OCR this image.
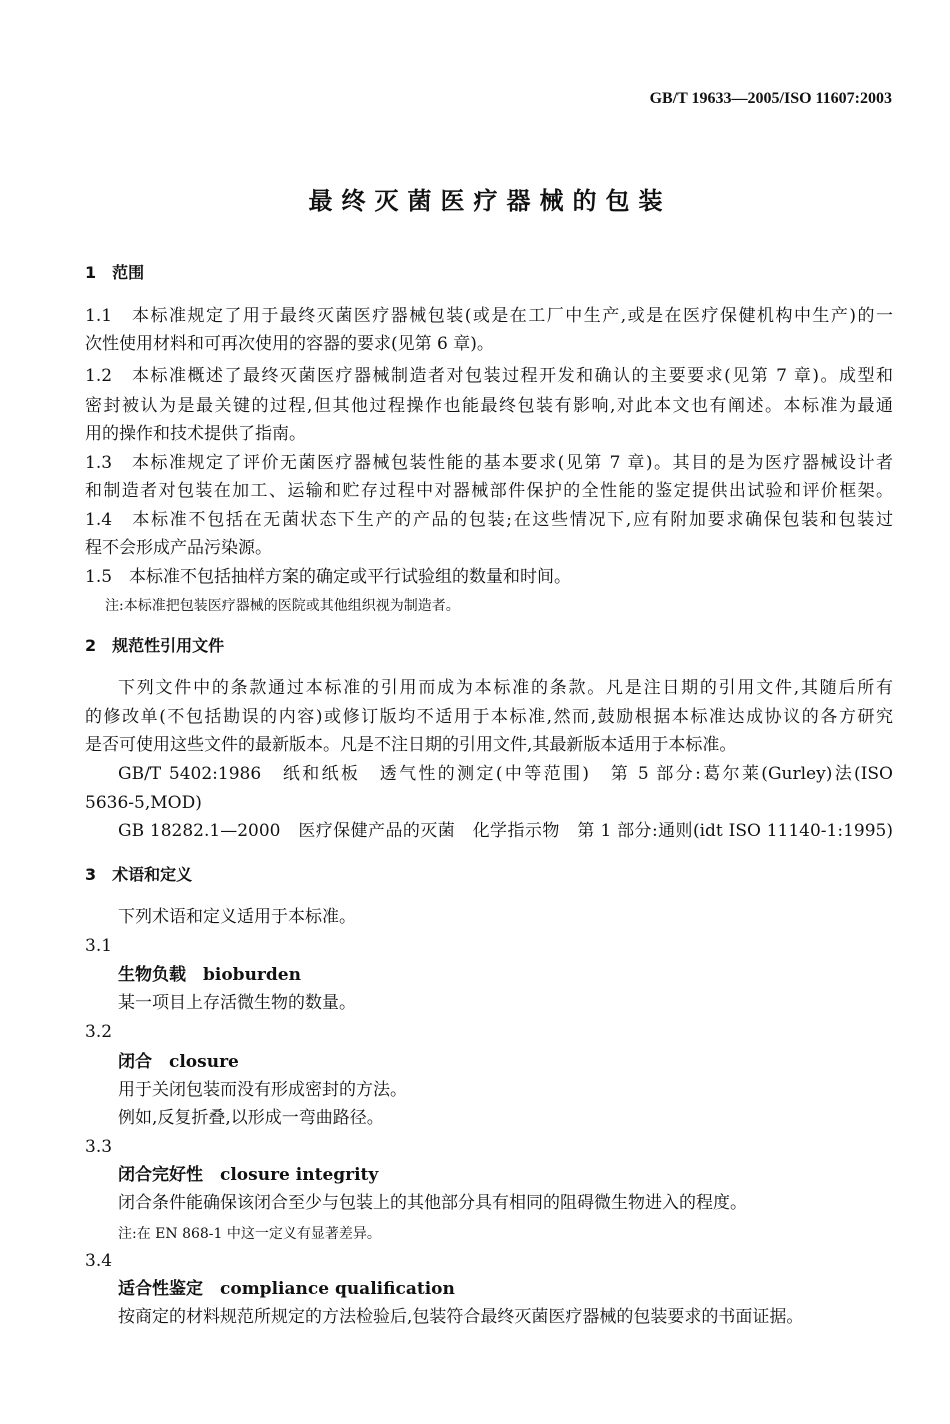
GB/T 19633—2005/ISO 11607:2003
最终灭菌医疗器械的包装
1　范围
1.1　本标准规定了用于最终灭菌医疗器械包装(或是在工厂中生产,或是在医疗保健机构中生产)的一
次性使用材料和可再次使用的容器的要求(见第 6 章)。
1.2　本标准概述了最终灭菌医疗器械制造者对包装过程开发和确认的主要要求(见第 7 章)。成型和
密封被认为是最关键的过程,但其他过程操作也能最终包装有影响,对此本文也有阐述。本标准为最通
用的操作和技术提供了指南。
1.3　本标准规定了评价无菌医疗器械包装性能的基本要求(见第 7 章)。其目的是为医疗器械设计者
和制造者对包装在加工、运输和贮存过程中对器械部件保护的全性能的鉴定提供出试验和评价框架。
1.4　本标准不包括在无菌状态下生产的产品的包装;在这些情况下,应有附加要求确保包装和包装过
程不会形成产品污染源。
1.5　本标准不包括抽样方案的确定或平行试验组的数量和时间。
注:本标准把包装医疗器械的医院或其他组织视为制造者。
2　规范性引用文件
下列文件中的条款通过本标准的引用而成为本标准的条款。凡是注日期的引用文件,其随后所有
的修改单(不包括勘误的内容)或修订版均不适用于本标准,然而,鼓励根据本标准达成协议的各方研究
是否可使用这些文件的最新版本。凡是不注日期的引用文件,其最新版本适用于本标准。
GB/T 5402:1986　纸和纸板　透气性的测定(中等范围)　第 5 部分:葛尔莱(Gurley)法(ISO
5636-5,MOD)
GB 18282.1—2000　医疗保健产品的灭菌　化学指示物　第 1 部分:通则(idt ISO 11140-1:1995)
3　术语和定义
下列术语和定义适用于本标准。
3.1
生物负载　bioburden
某一项目上存活微生物的数量。
3.2
闭合　closure
用于关闭包装而没有形成密封的方法。
例如,反复折叠,以形成一弯曲路径。
3.3
闭合完好性　closure integrity
闭合条件能确保该闭合至少与包装上的其他部分具有相同的阻碍微生物进入的程度。
注:在 EN 868-1 中这一定义有显著差异。
3.4
适合性鉴定　compliance qualification
按商定的材料规范所规定的方法检验后,包装符合最终灭菌医疗器械的包装要求的书面证据。
